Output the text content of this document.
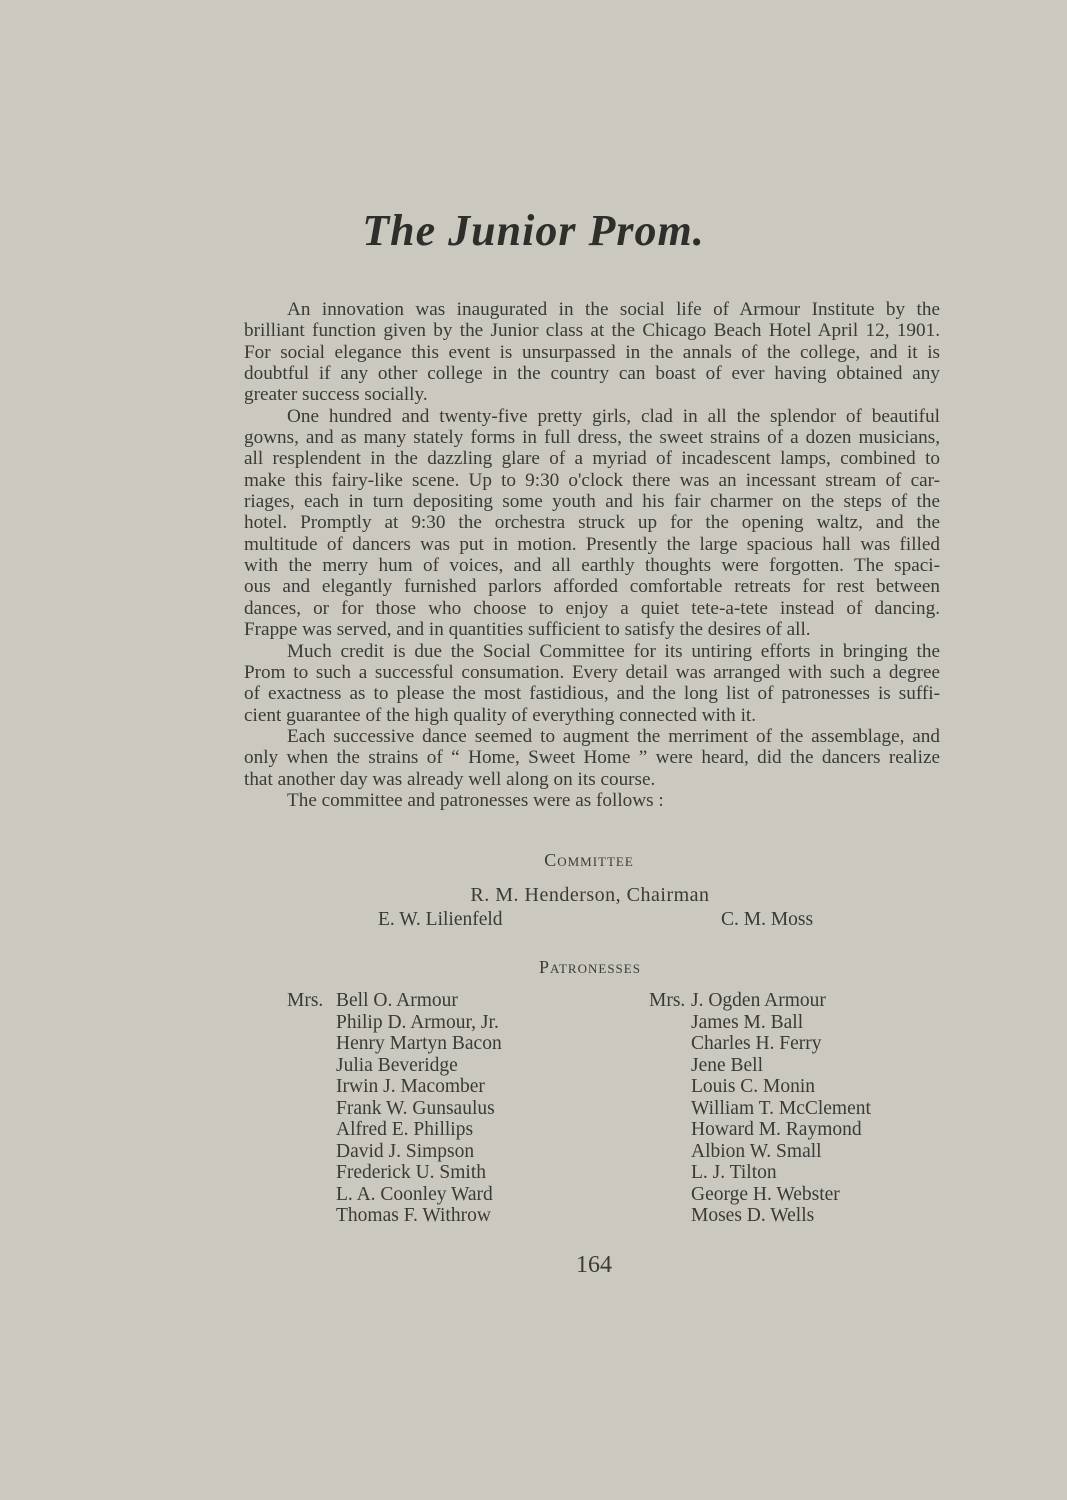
The Junior Prom.
An innovation was inaugurated in the social life of Armour Institute by the
brilliant function given by the Junior class at the Chicago Beach Hotel April 12, 1901.
For social elegance this event is unsurpassed in the annals of the college, and it is
doubtful if any other college in the country can boast of ever having obtained any
greater success socially.
One hundred and twenty-five pretty girls, clad in all the splendor of beautiful
gowns, and as many stately forms in full dress, the sweet strains of a dozen musicians,
all resplendent in the dazzling glare of a myriad of incadescent lamps, combined to
make this fairy-like scene. Up to 9:30 o'clock there was an incessant stream of car-
riages, each in turn depositing some youth and his fair charmer on the steps of the
hotel. Promptly at 9:30 the orchestra struck up for the opening waltz, and the
multitude of dancers was put in motion. Presently the large spacious hall was filled
with the merry hum of voices, and all earthly thoughts were forgotten. The spaci-
ous and elegantly furnished parlors afforded comfortable retreats for rest between
dances, or for those who choose to enjoy a quiet tete-a-tete instead of dancing.
Frappe was served, and in quantities sufficient to satisfy the desires of all.
Much credit is due the Social Committee for its untiring efforts in bringing the
Prom to such a successful consumation. Every detail was arranged with such a degree
of exactness as to please the most fastidious, and the long list of patronesses is suffi-
cient guarantee of the high quality of everything connected with it.
Each successive dance seemed to augment the merriment of the assemblage, and
only when the strains of “ Home, Sweet Home ” were heard, did the dancers realize
that another day was already well along on its course.
The committee and patronesses were as follows :
Committee
R. M. Henderson, Chairman
E. W. Lilienfeld	C. M. Moss
Patronesses
Mrs. Bell O. Armour
Philip D. Armour, Jr.
Henry Martyn Bacon
Julia Beveridge
Irwin J. Macomber
Frank W. Gunsaulus
Alfred E. Phillips
David J. Simpson
Frederick U. Smith
L. A. Coonley Ward
Thomas F. Withrow
Mrs. J. Ogden Armour
James M. Ball
Charles H. Ferry
Jene Bell
Louis C. Monin
William T. McClement
Howard M. Raymond
Albion W. Small
L. J. Tilton
George H. Webster
Moses D. Wells
164
